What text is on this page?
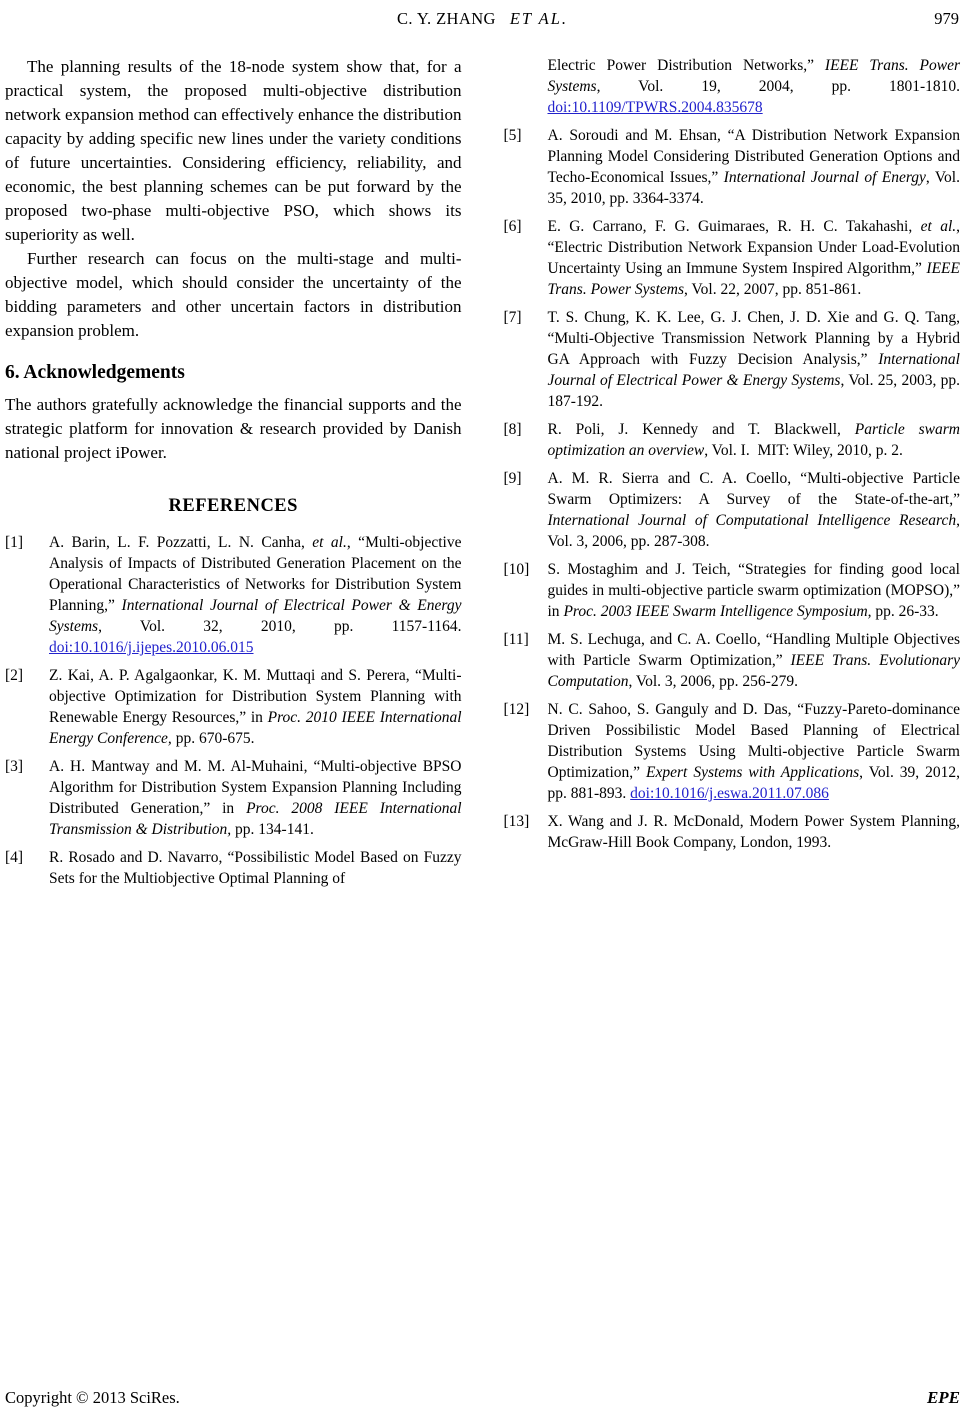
C. Y. ZHANG ET AL.	979

The planning results of the 18-node system show that, for a practical system, the proposed multi-objective distribution network expansion method can effectively enhance the distribution capacity by adding specific new lines under the variety conditions of future uncertainties. Considering efficiency, reliability, and economic, the best planning schemes can be put forward by the proposed two-phase multi-objective PSO, which shows its superiority as well.

Further research can focus on the multi-stage and multi-objective model, which should consider the uncertainty of the bidding parameters and other uncertain factors in distribution expansion problem.

6. Acknowledgements

The authors gratefully acknowledge the financial supports and the strategic platform for innovation & research provided by Danish national project iPower.

REFERENCES
[1] A. Barin, L. F. Pozzatti, L. N. Canha, et al., “Multi-objective Analysis of Impacts of Distributed Generation Placement on the Operational Characteristics of Networks for Distribution System Planning,” International Journal of Electrical Power & Energy Systems, Vol. 32, 2010, pp. 1157-1164. doi:10.1016/j.ijepes.2010.06.015
[2] Z. Kai, A. P. Agalgaonkar, K. M. Muttaqi and S. Perera, “Multi-objective Optimization for Distribution System Planning with Renewable Energy Resources,” in Proc. 2010 IEEE International Energy Conference, pp. 670-675.
[3] A. H. Mantway and M. M. Al-Muhaini, “Multi-objective BPSO Algorithm for Distribution System Expansion Planning Including Distributed Generation,” in Proc. 2008 IEEE International Transmission & Distribution, pp. 134-141.
[4] R. Rosado and D. Navarro, “Possibilistic Model Based on Fuzzy Sets for the Multiobjective Optimal Planning of
Electric Power Distribution Networks,” IEEE Trans. Power Systems, Vol. 19, 2004, pp. 1801-1810. doi:10.1109/TPWRS.2004.835678
[5] A. Soroudi and M. Ehsan, “A Distribution Network Expansion Planning Model Considering Distributed Generation Options and Techo-Economical Issues,” International Journal of Energy, Vol. 35, 2010, pp. 3364-3374.
[6] E. G. Carrano, F. G. Guimaraes, R. H. C. Takahashi, et al., “Electric Distribution Network Expansion Under Load-Evolution Uncertainty Using an Immune System Inspired Algorithm,” IEEE Trans. Power Systems, Vol. 22, 2007, pp. 851-861.
[7] T. S. Chung, K. K. Lee, G. J. Chen, J. D. Xie and G. Q. Tang, “Multi-Objective Transmission Network Planning by a Hybrid GA Approach with Fuzzy Decision Analysis,” International Journal of Electrical Power & Energy Systems, Vol. 25, 2003, pp. 187-192.
[8] R. Poli, J. Kennedy and T. Blackwell, Particle swarm optimization an overview, Vol. I.  MIT: Wiley, 2010, p. 2.
[9] A. M. R. Sierra and C. A. Coello, “Multi-objective Particle Swarm Optimizers: A Survey of the State-of-the-art,” International Journal of Computational Intelligence Research, Vol. 3, 2006, pp. 287-308.
[10] S. Mostaghim and J. Teich, “Strategies for finding good local guides in multi-objective particle swarm optimization (MOPSO),” in Proc. 2003 IEEE Swarm Intelligence Symposium, pp. 26-33.
[11] M. S. Lechuga, and C. A. Coello, “Handling Multiple Objectives with Particle Swarm Optimization,” IEEE Trans. Evolutionary Computation, Vol. 3, 2006, pp. 256-279.
[12] N. C. Sahoo, S. Ganguly and D. Das, “Fuzzy-Pareto-dominance Driven Possibilistic Model Based Planning of Electrical Distribution Systems Using Multi-objective Particle Swarm Optimization,” Expert Systems with Applications, Vol. 39, 2012, pp. 881-893. doi:10.1016/j.eswa.2011.07.086
[13] X. Wang and J. R. McDonald, Modern Power System Planning, McGraw-Hill Book Company, London, 1993.
Copyright © 2013 SciRes.	EPE
